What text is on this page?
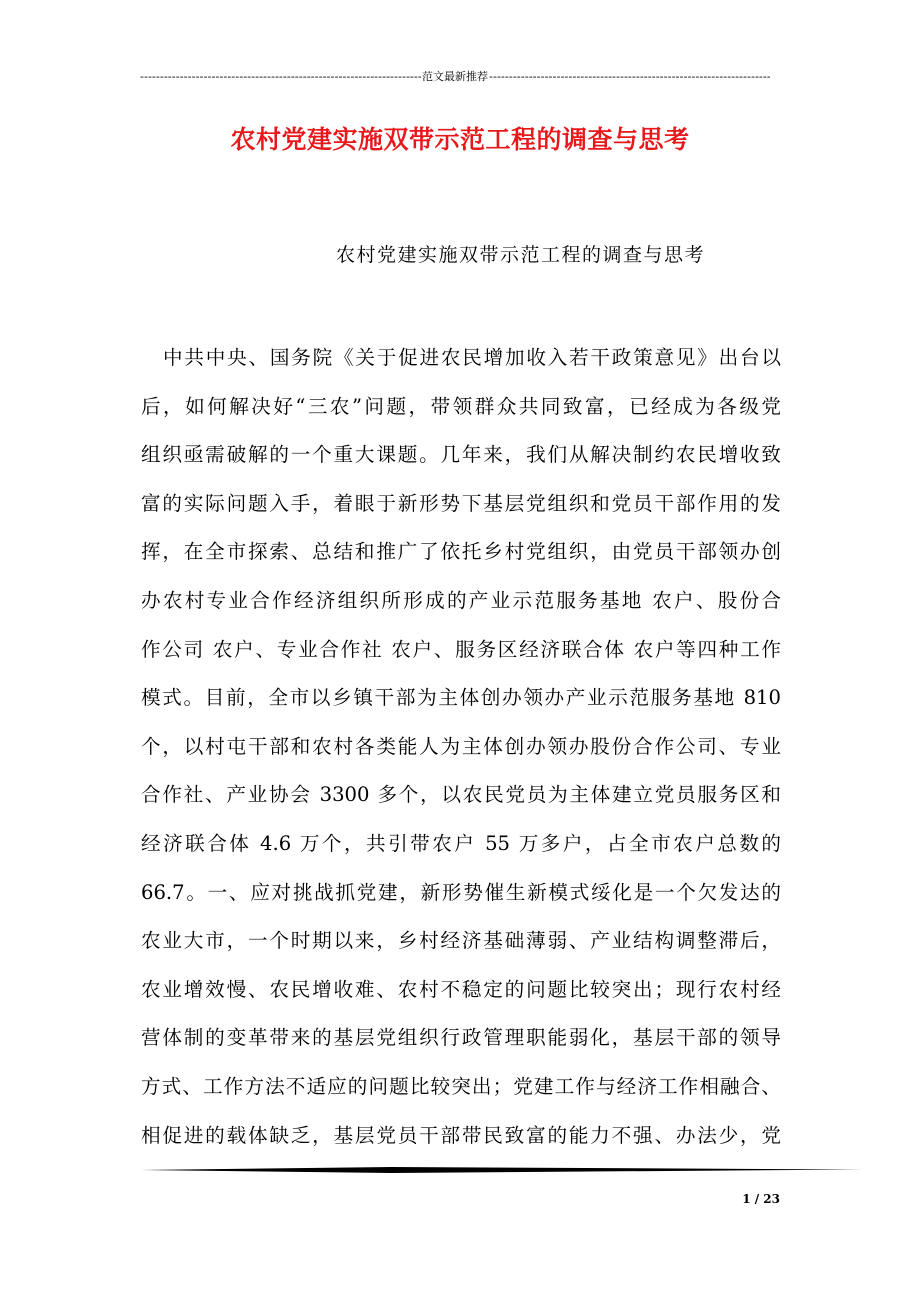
-----
范文最新推荐
-----
农村党建实施双带示范工程的调查与思考
农村党建实施双带示范工程的调查与思考
中共中央、国务院《关于促进农民增加收入若干政策意见》出台以
后，如何解决好“三农”问题，带领群众共同致富，已经成为各级党
组织亟需破解的一个重大课题。几年来，我们从解决制约农民增收致
富的实际问题入手，着眼于新形势下基层党组织和党员干部作用的发
挥，在全市探索、总结和推广了依托乡村党组织，由党员干部领办创
办农村专业合作经济组织所形成的产业示范服务基地 农户、股份合
作公司 农户、专业合作社 农户、服务区经济联合体 农户等四种工作
模式。目前，全市以乡镇干部为主体创办领办产业示范服务基地 810
个，以村屯干部和农村各类能人为主体创办领办股份合作公司、专业
合作社、产业协会 3300 多个，以农民党员为主体建立党员服务区和
经济联合体 4.6 万个，共引带农户 55 万多户，占全市农户总数的
66.7。一、应对挑战抓党建，新形势催生新模式绥化是一个欠发达的
农业大市，一个时期以来，乡村经济基础薄弱、产业结构调整滞后，
农业增效慢、农民增收难、农村不稳定的问题比较突出；现行农村经
营体制的变革带来的基层党组织行政管理职能弱化，基层干部的领导
方式、工作方法不适应的问题比较突出；党建工作与经济工作相融合、
相促进的载体缺乏，基层党员干部带民致富的能力不强、办法少，党
1 / 23
